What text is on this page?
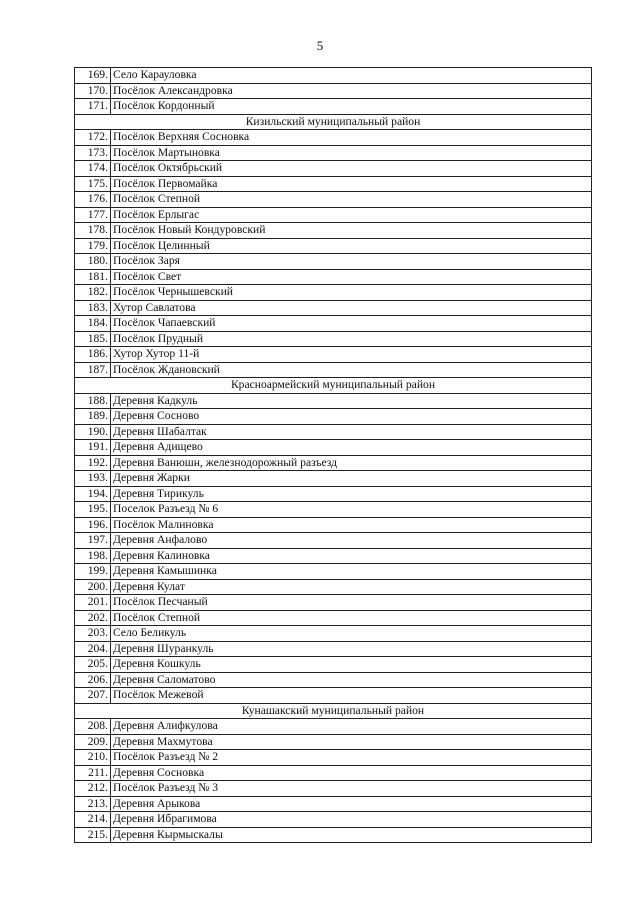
5
169.	Село Карауловка
170.	Посёлок Александровка
171.	Посёлок Кордонный
Кизильский муниципальный район	
172.	Посёлок Верхняя Сосновка
173.	Посёлок Мартыновка
174.	Посёлок Октябрьский
175.	Посёлок Первомайка
176.	Посёлок Степной
177.	Посёлок Ерлыгас
178.	Посёлок Новый Кондуровский
179.	Посёлок Целинный
180.	Посёлок Заря
181.	Посёлок Свет
182.	Посёлок Чернышевский
183.	Хутор Савлатова
184.	Посёлок Чапаевский
185.	Посёлок Прудный
186.	Хутор Хутор 11-й
187.	Посёлок Ждановский
Красноармейский муниципальный район	
188.	Деревня Кадкуль
189.	Деревня Сосново
190.	Деревня Шабалтак
191.	Деревня Адищево
192.	Деревня Ванюшн, железнодорожный разъезд
193.	Деревня Жарки
194.	Деревня Тирикуль
195.	Поселок Разъезд № 6
196.	Посёлок Малиновка
197.	Деревня Анфалово
198.	Деревня Калиновка
199.	Деревня Камышинка
200.	Деревня Кулат
201.	Посёлок Песчаный
202.	Посёлок Степной
203.	Село Беликуль
204.	Деревня Шуранкуль
205.	Деревня Кошкуль
206.	Деревня Саломатово
207.	Посёлок Межевой
Кунашакский муниципальный район	
208.	Деревня Алифкулова
209.	Деревня Махмутова
210.	Посёлок Разъезд № 2
211.	Деревня Сосновка
212.	Посёлок Разъезд № 3
213.	Деревня Арыкова
214.	Деревня Ибрагимова
215.	Деревня Кырмыскалы
